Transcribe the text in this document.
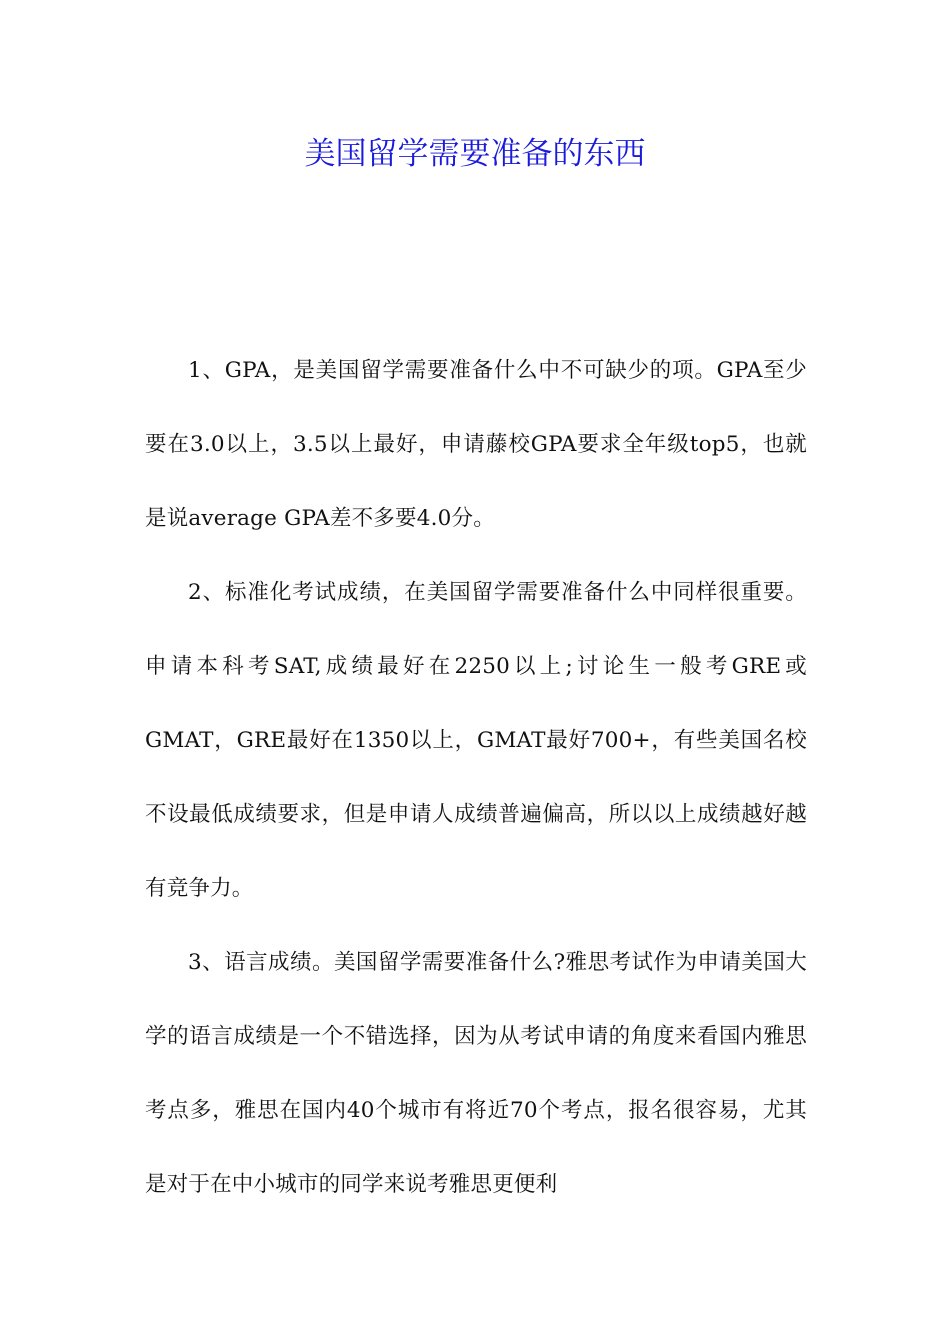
美国留学需要准备的东西

1、GPA，是美国留学需要准备什么中不可缺少的项。GPA至少要在3.0以上，3.5以上最好，申请藤校GPA要求全年级top5，也就是说average GPA差不多要4.0分。

2、标准化考试成绩，在美国留学需要准备什么中同样很重要。申请本科考SAT,成绩最好在2250以上;讨论生一般考GRE或GMAT，GRE最好在1350以上，GMAT最好700+，有些美国名校不设最低成绩要求，但是申请人成绩普遍偏高，所以以上成绩越好越有竞争力。

3、语言成绩。美国留学需要准备什么?雅思考试作为申请美国大学的语言成绩是一个不错选择，因为从考试申请的角度来看国内雅思考点多，雅思在国内40个城市有将近70个考点，报名很容易，尤其是对于在中小城市的同学来说考雅思更便利
